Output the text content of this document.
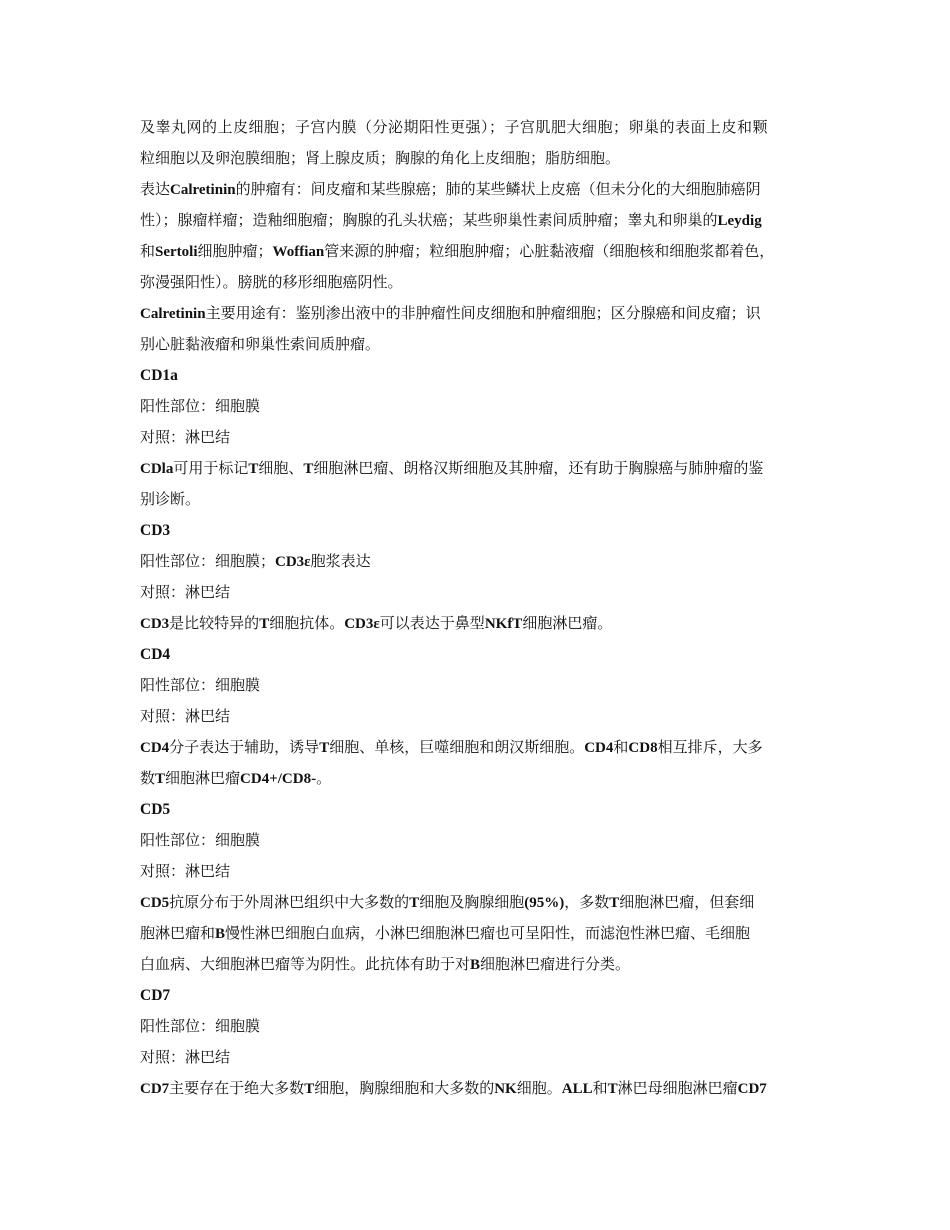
及睾丸网的上皮细胞；子宫内膜（分泌期阳性更强）；子宫肌肥大细胞；卵巢的表面上皮和颗
粒细胞以及卵泡膜细胞；肾上腺皮质；胸腺的角化上皮细胞；脂肪细胞。
表达Calretinin的肿瘤有：间皮瘤和某些腺癌；肺的某些鳞状上皮癌（但未分化的大细胞肺癌阴
性）；腺瘤样瘤；造釉细胞瘤；胸腺的孔头状癌；某些卵巢性素间质肿瘤；睾丸和卵巢的Leydig
和Sertoli细胞肿瘤；Woffian管来源的肿瘤；粒细胞肿瘤；心脏黏液瘤（细胞核和细胞浆都着色，
弥漫强阳性）。膀胱的移形细胞癌阴性。
Calretinin主要用途有：鉴别渗出液中的非肿瘤性间皮细胞和肿瘤细胞；区分腺癌和间皮瘤；识
别心脏黏液瘤和卵巢性索间质肿瘤。
CD1a
阳性部位：细胞膜
对照：淋巴结
CDla可用于标记T细胞、T细胞淋巴瘤、朗格汉斯细胞及其肿瘤，还有助于胸腺癌与肺肿瘤的鉴
别诊断。
CD3
阳性部位：细胞膜；CD3ε胞浆表达
对照：淋巴结
CD3是比较特异的T细胞抗体。CD3ε可以表达于鼻型NKfT细胞淋巴瘤。
CD4
阳性部位：细胞膜
对照：淋巴结
CD4分子表达于辅助，诱导T细胞、单核，巨噬细胞和朗汉斯细胞。CD4和CD8相互排斥，大多
数T细胞淋巴瘤CD4+/CD8-。
CD5
阳性部位：细胞膜
对照：淋巴结
CD5抗原分布于外周淋巴组织中大多数的T细胞及胸腺细胞(95%)，多数T细胞淋巴瘤，但套细
胞淋巴瘤和B慢性淋巴细胞白血病，小淋巴细胞淋巴瘤也可呈阳性，而滤泡性淋巴瘤、毛细胞
白血病、大细胞淋巴瘤等为阴性。此抗体有助于对B细胞淋巴瘤进行分类。
CD7
阳性部位：细胞膜
对照：淋巴结
CD7主要存在于绝大多数T细胞，胸腺细胞和大多数的NK细胞。ALL和T淋巴母细胞淋巴瘤CD7
